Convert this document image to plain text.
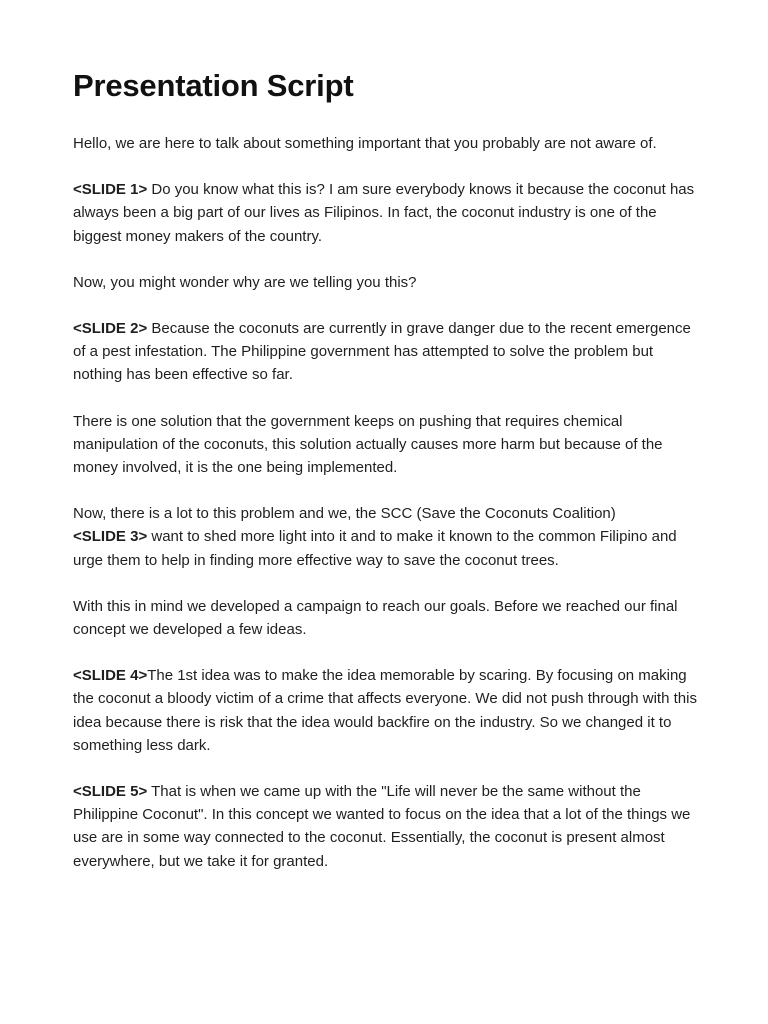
Presentation Script

Hello, we are here to talk about something important that you probably are not aware of.

<SLIDE 1> Do you know what this is? I am sure everybody knows it because the coconut has always been a big part of our lives as Filipinos. In fact, the coconut industry is one of the biggest money makers of the country.

Now, you might wonder why are we telling you this?

<SLIDE 2> Because the coconuts are currently in grave danger due to the recent emergence of a pest infestation. The Philippine government has attempted to solve the problem but nothing has been effective so far.

There is one solution that the government keeps on pushing that requires chemical manipulation of the coconuts, this solution actually causes more harm but because of the money involved, it is the one being implemented.

Now, there is a lot to this problem and we, the SCC (Save the Coconuts Coalition)
<SLIDE 3> want to shed more light into it and to make it known to the common Filipino and urge them to help in finding more effective way to save the coconut trees.

With this in mind we developed a campaign to reach our goals. Before we reached our final concept we developed a few ideas.

<SLIDE 4>The 1st idea was to make the idea memorable by scaring. By focusing on making the coconut a bloody victim of a crime that affects everyone. We did not push through with this idea because there is risk that the idea would backfire on the industry. So we changed it to something less dark.

<SLIDE 5> That is when we came up with the "Life will never be the same without the Philippine Coconut". In this concept we wanted to focus on the idea that a lot of the things we use are in some way connected to the coconut. Essentially, the coconut is present almost everywhere, but we take it for granted.
